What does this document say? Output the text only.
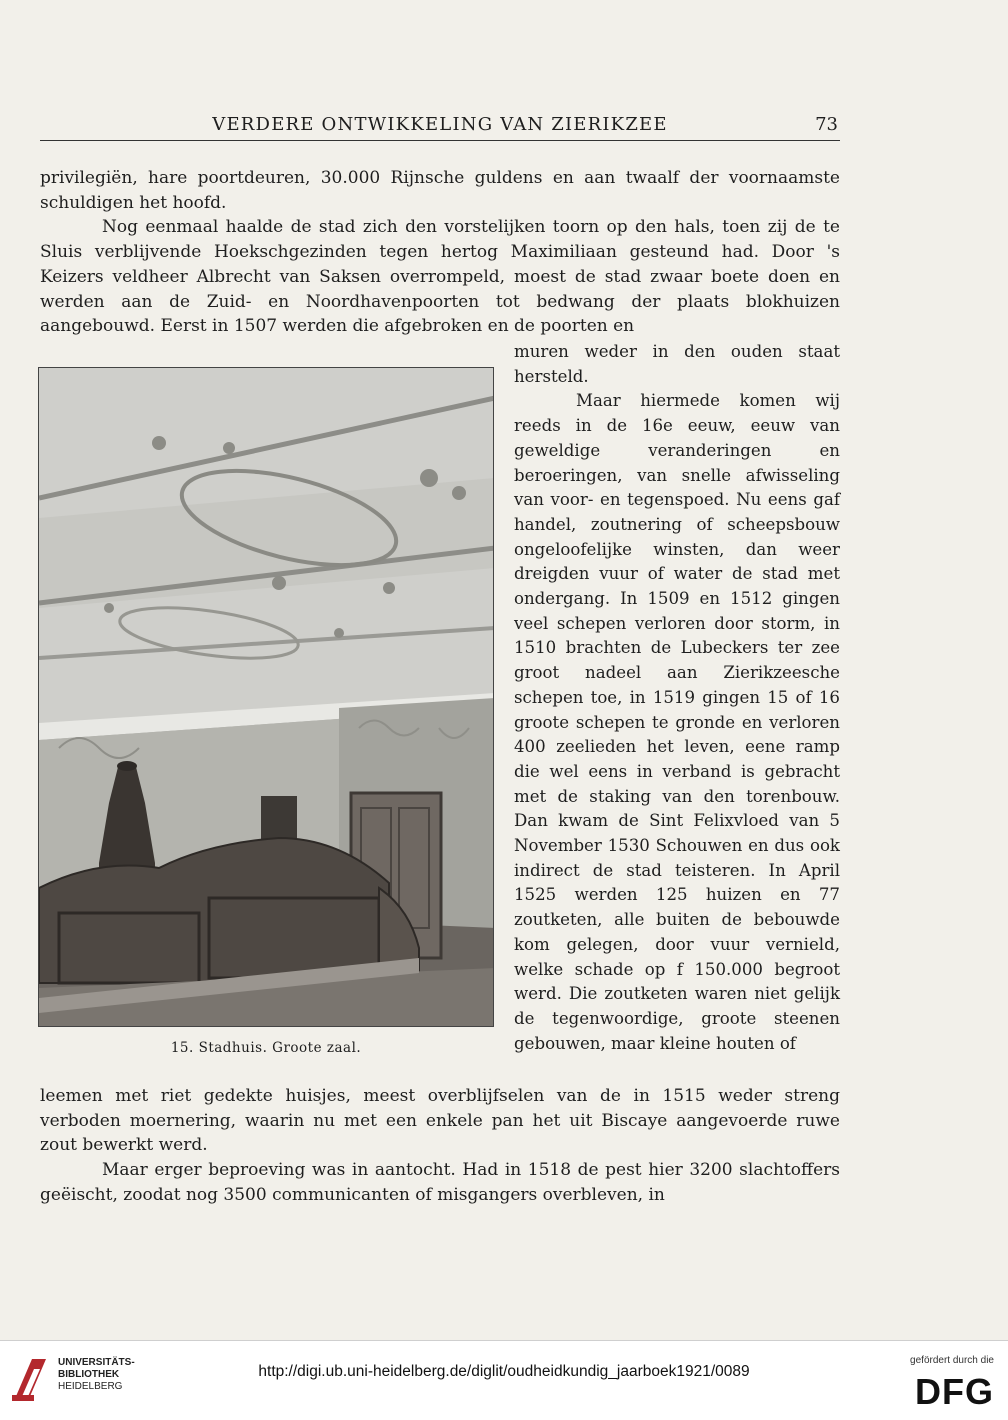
VERDERE ONTWIKKELING VAN ZIERIKZEE	73

privilegiën, hare poortdeuren, 30.000 Rijnsche guldens en aan twaalf der voornaamste schuldigen het hoofd.

Nog eenmaal haalde de stad zich den vorstelijken toorn op den hals, toen zij de te Sluis verblijvende Hoekschgezinden tegen hertog Maximiliaan gesteund had. Door 's Keizers veldheer Albrecht van Saksen overrompeld, moest de stad zwaar boete doen en werden aan de Zuid- en Noordhavenpoorten tot bedwang der plaats blokhuizen aangebouwd. Eerst in 1507 werden die afgebroken en de poorten en

15. Stadhuis. Groote zaal.

muren weder in den ouden staat hersteld.

Maar hiermede komen wij reeds in de 16e eeuw, eeuw van geweldige veranderingen en beroeringen, van snelle afwisseling van voor- en tegenspoed. Nu eens gaf handel, zoutnering of scheepsbouw ongeloofelijke winsten, dan weer dreigden vuur of water de stad met ondergang. In 1509 en 1512 gingen veel schepen verloren door storm, in 1510 brachten de Lubeckers ter zee groot nadeel aan Zierikzeesche schepen toe, in 1519 gingen 15 of 16 groote schepen te gronde en verloren 400 zeelieden het leven, eene ramp die wel eens in verband is gebracht met de staking van den torenbouw. Dan kwam de Sint Felixvloed van 5 November 1530 Schouwen en dus ook indirect de stad teisteren. In April 1525 werden 125 huizen en 77 zoutketen, alle buiten de bebouwde kom gelegen, door vuur vernield, welke schade op f 150.000 begroot werd. Die zoutketen waren niet gelijk de tegenwoordige, groote steenen gebouwen, maar kleine houten of

leemen met riet gedekte huisjes, meest overblijfselen van de in 1515 weder streng verboden moernering, waarin nu met een enkele pan het uit Biscaye aangevoerde ruwe zout bewerkt werd.

Maar erger beproeving was in aantocht. Had in 1518 de pest hier 3200 slachtoffers geëischt, zoodat nog 3500 communicanten of misgangers overbleven, in

UNIVERSITÄTS-
BIBLIOTHEK
HEIDELBERG
http://digi.ub.uni-heidelberg.de/diglit/oudheidkundig_jaarboek1921/0089
gefördert durch die
DFG
